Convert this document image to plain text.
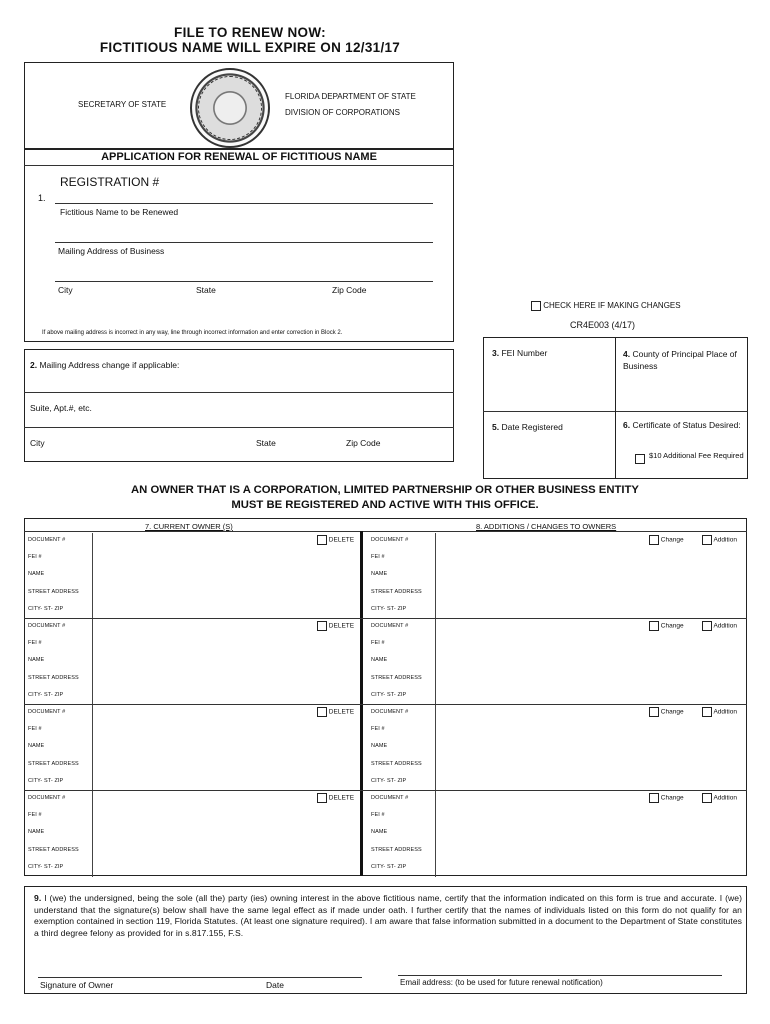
FILE TO RENEW NOW:
FICTITIOUS NAME WILL EXPIRE ON 12/31/17
SECRETARY OF STATE
FLORIDA DEPARTMENT OF STATE
DIVISION OF CORPORATIONS
APPLICATION FOR RENEWAL OF FICTITIOUS NAME
REGISTRATION #
1.
Fictitious Name to be Renewed
Mailing Address of Business
City	State	Zip Code
If above mailing address is incorrect in any way, line through incorrect information and enter correction in Block 2.
CHECK HERE IF MAKING CHANGES
CR4E003 (4/17)
2. Mailing Address change if applicable:
Suite, Apt.#, etc.
City	State	Zip Code
3. FEI Number	4. County of Principal Place of Business
5. Date Registered	6. Certificate of Status Desired:
$10 Additional Fee Required
AN OWNER THAT IS A CORPORATION, LIMITED PARTNERSHIP OR OTHER BUSINESS ENTITY
MUST BE REGISTERED AND ACTIVE WITH THIS OFFICE.
7. CURRENT OWNER (S)	8. ADDITIONS / CHANGES TO OWNERS
DOCUMENT #	DOCUMENT #
FEI #	FEI #
NAME	NAME
STREET ADDRESS	STREET ADDRESS
CITY- ST- ZIP	CITY- ST- ZIP
DELETE	Change	Addition
DOCUMENT #	DOCUMENT #
FEI #	FEI #
NAME	NAME
STREET ADDRESS	STREET ADDRESS
CITY- ST- ZIP	CITY- ST- ZIP
DELETE	Change	Addition
DOCUMENT #	DOCUMENT #
FEI #	FEI #
NAME	NAME
STREET ADDRESS	STREET ADDRESS
CITY- ST- ZIP	CITY- ST- ZIP
DELETE	Change	Addition
DOCUMENT #	DOCUMENT #
FEI #	FEI #
NAME	NAME
STREET ADDRESS	STREET ADDRESS
CITY- ST- ZIP	CITY- ST- ZIP
DELETE	Change	Addition
9. I (we) the undersigned, being the sole (all the) party (ies) owning interest in the above fictitious name, certify that the information indicated on this form is true and accurate. I (we) understand that the signature(s) below shall have the same legal effect as if made under oath. I further certify that the names of individuals listed on this form do not qualify for an exemption contained in section 119, Florida Statutes. (At least one signature required). I am aware that false information submitted in a document to the Department of State constitutes a third degree felony as provided for in s.817.155, F.S.
Signature of Owner	Date	Email address: (to be used for future renewal notification)
